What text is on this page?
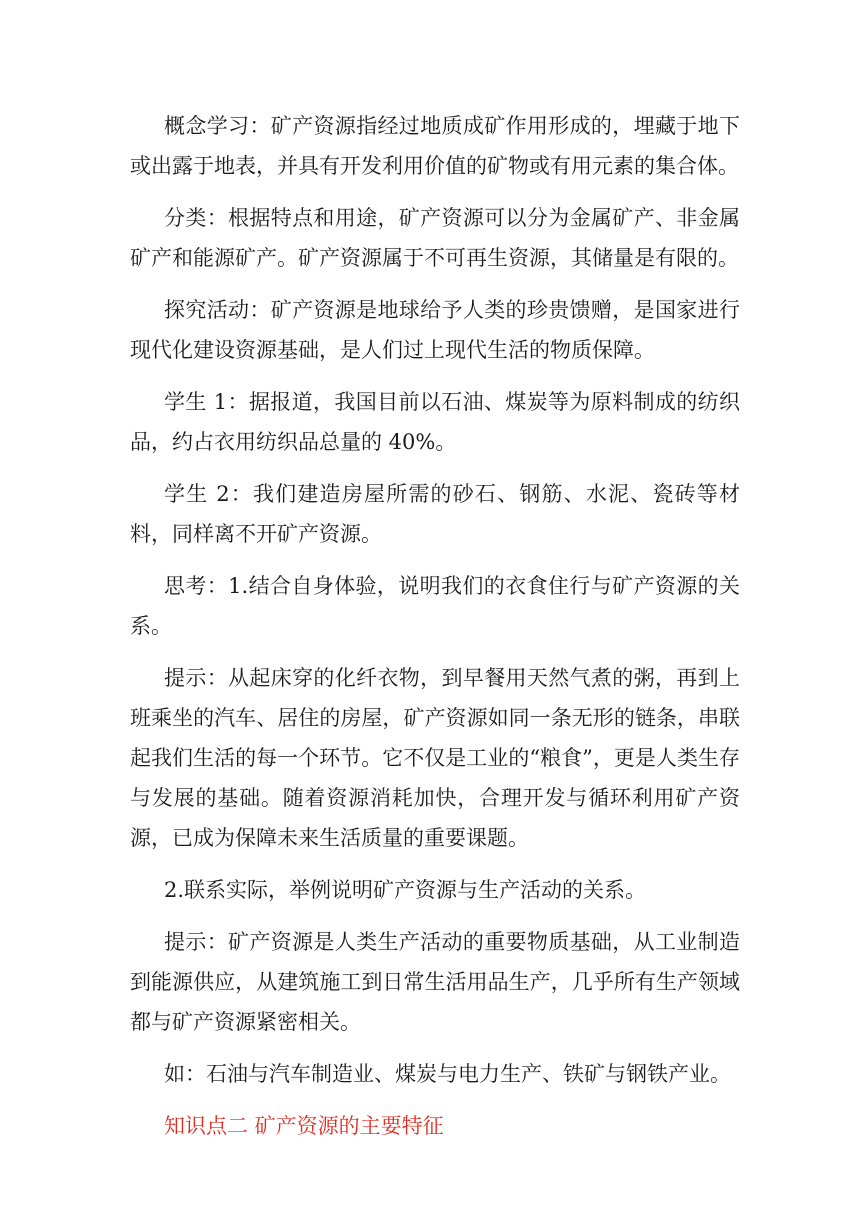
概念学习：矿产资源指经过地质成矿作用形成的，埋藏于地下或出露于地表，并具有开发利用价值的矿物或有用元素的集合体。

分类：根据特点和用途，矿产资源可以分为金属矿产、非金属矿产和能源矿产。矿产资源属于不可再生资源，其储量是有限的。

探究活动：矿产资源是地球给予人类的珍贵馈赠，是国家进行现代化建设资源基础，是人们过上现代生活的物质保障。

学生 1：据报道，我国目前以石油、煤炭等为原料制成的纺织品，约占衣用纺织品总量的 40%。

学生 2：我们建造房屋所需的砂石、钢筋、水泥、瓷砖等材料，同样离不开矿产资源。

思考：1.结合自身体验，说明我们的衣食住行与矿产资源的关系。

提示：从起床穿的化纤衣物，到早餐用天然气煮的粥，再到上班乘坐的汽车、居住的房屋，矿产资源如同一条无形的链条，串联起我们生活的每一个环节。它不仅是工业的“粮食”，更是人类生存与发展的基础。随着资源消耗加快，合理开发与循环利用矿产资源，已成为保障未来生活质量的重要课题。

2.联系实际，举例说明矿产资源与生产活动的关系。

提示：矿产资源是人类生产活动的重要物质基础，从工业制造到能源供应，从建筑施工到日常生活用品生产，几乎所有生产领域都与矿产资源紧密相关。

如：石油与汽车制造业、煤炭与电力生产、铁矿与钢铁产业。

知识点二 矿产资源的主要特征
